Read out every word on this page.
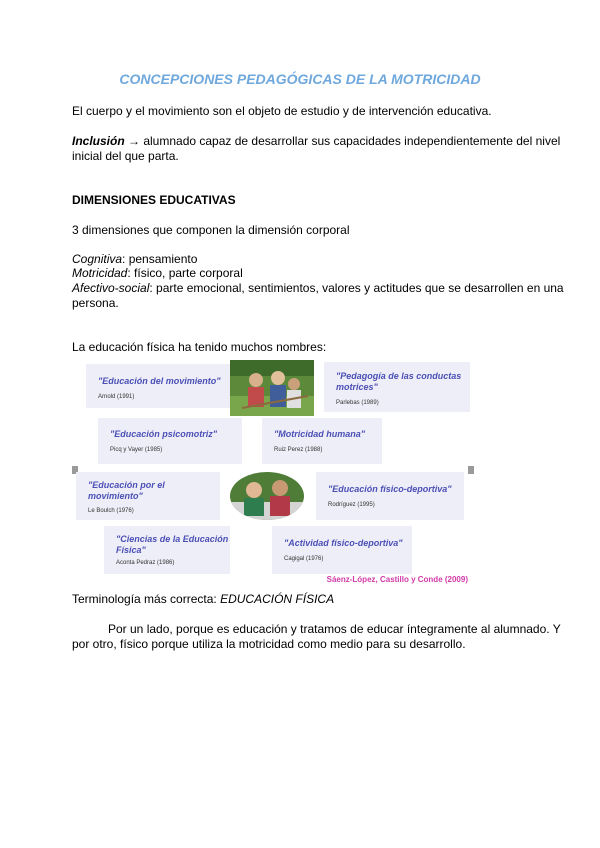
CONCEPCIONES PEDAGÓGICAS DE LA MOTRICIDAD
El cuerpo y el movimiento son el objeto de estudio y de intervención educativa.
Inclusión → alumnado capaz de desarrollar sus capacidades independientemente del nivel
inicial del que parta.
DIMENSIONES EDUCATIVAS
3 dimensiones que componen la dimensión corporal
Cognitiva: pensamiento
Motricidad: físico, parte corporal
Afectivo-social: parte emocional, sentimientos, valores y actitudes que se desarrollen en una
persona.
La educación física ha tenido muchos nombres:
"Educación del movimiento"
Arnold (1991)
"Pedagogía de las conductas
motrices"
Parlebas (1989)
"Educación psicomotriz"
Picq y Vayer (1985)
"Motricidad humana"
Ruiz Perez (1988)
"Educación por el
movimiento"
Le Boulch (1976)
"Educación físico-deportiva"
Rodríguez (1995)
"Ciencias de la Educación
Física"
Aconta Pedraz (1986)
"Actividad físico-deportiva"
Cagigal (1976)
Sáenz-López, Castillo y Conde (2009)
Terminología más correcta: EDUCACIÓN FÍSICA
Por un lado, porque es educación y tratamos de educar íntegramente al alumnado. Y
por otro, físico porque utiliza la motricidad como medio para su desarrollo.
